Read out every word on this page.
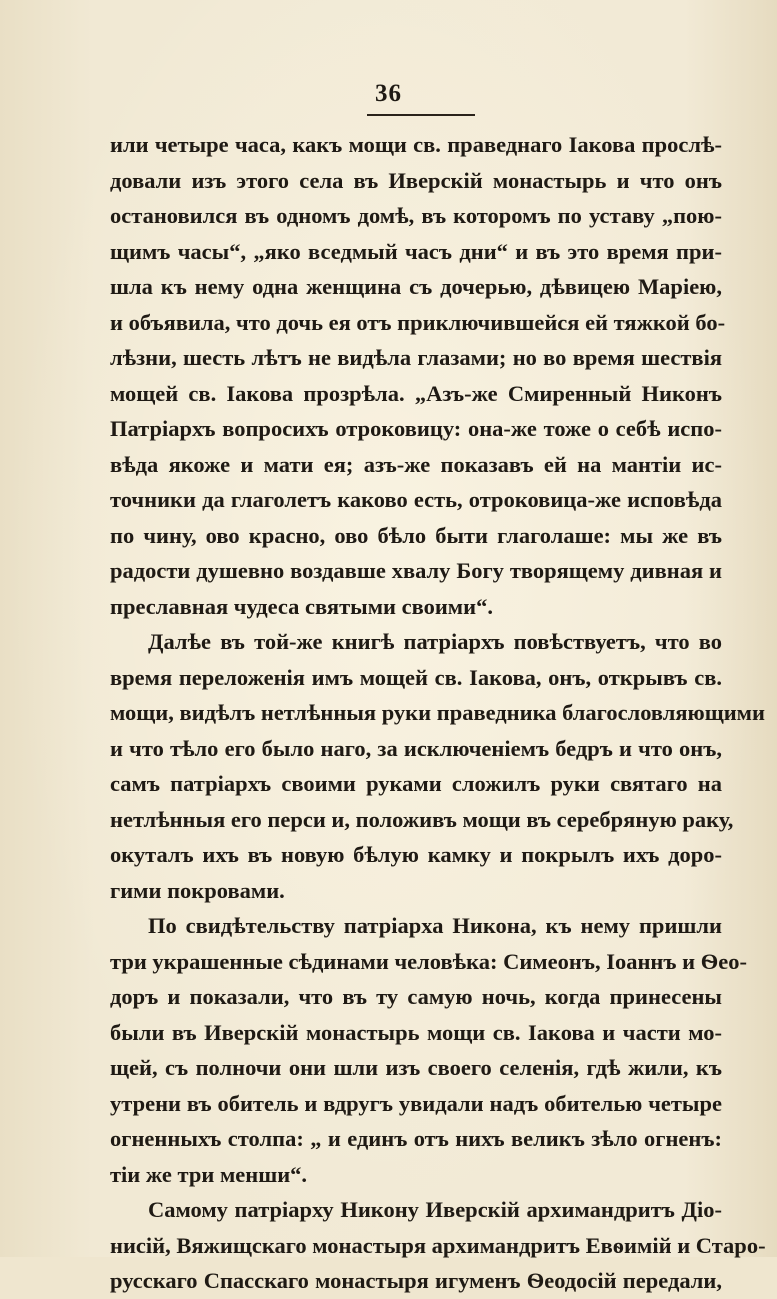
36
или четыре часа, какъ мощи св. праведнаго Іакова прослѣ-
довали изъ этого села въ Иверскій монастырь и что онъ
остановился въ одномъ домѣ, въ которомъ по уставу „пою-
щимъ часы“, „яко вседмый часъ дни“ и въ это время при-
шла къ нему одна женщина съ дочерью, дѣвицею Маріею,
и объявила, что дочь ея отъ приключившейся ей тяжкой бо-
лѣзни, шесть лѣтъ не видѣла глазами; но во время шествія
мощей св. Іакова прозрѣла. „Азъ-же Смиренный Никонъ
Патріархъ вопросихъ отроковицу: она-же тоже о себѣ испо-
вѣда якоже и мати ея; азъ-же показавъ ей на мантіи ис-
точники да глаголетъ каково есть, отроковица-же исповѣда
по чину, ово красно, ово бѣло быти глаголаше: мы же въ
радости душевно воздавше хвалу Богу творящему дивная и
преславная чудеса святыми своими“.
Далѣе въ той-же книгѣ патріархъ повѣствуетъ, что во
время переложенія имъ мощей св. Іакова, онъ, открывъ св.
мощи, видѣлъ нетлѣнныя руки праведника благословляющими
и что тѣло его было наго, за исключеніемъ бедръ и что онъ,
самъ патріархъ своими руками сложилъ руки святаго на
нетлѣнныя его перси и, положивъ мощи въ серебряную раку,
окуталъ ихъ въ новую бѣлую камку и покрылъ ихъ доро-
гими покровами.
По свидѣтельству патріарха Никона, къ нему пришли
три украшенные сѣдинами человѣка: Симеонъ, Іоаннъ и Ѳео-
доръ и показали, что въ ту самую ночь, когда принесены
были въ Иверскій монастырь мощи св. Іакова и части мо-
щей, съ полночи они шли изъ своего селенія, гдѣ жили, къ
утрени въ обитель и вдругъ увидали надъ обителью четыре
огненныхъ столпа: „ и единъ отъ нихъ великъ зѣло огненъ:
тіи же три менши“.
Самому патріарху Никону Иверскій архимандритъ Діо-
нисій, Вяжищскаго монастыря архимандритъ Евѳимій и Старо-
русскаго Спасскаго монастыря игуменъ Ѳеодосій передали,
